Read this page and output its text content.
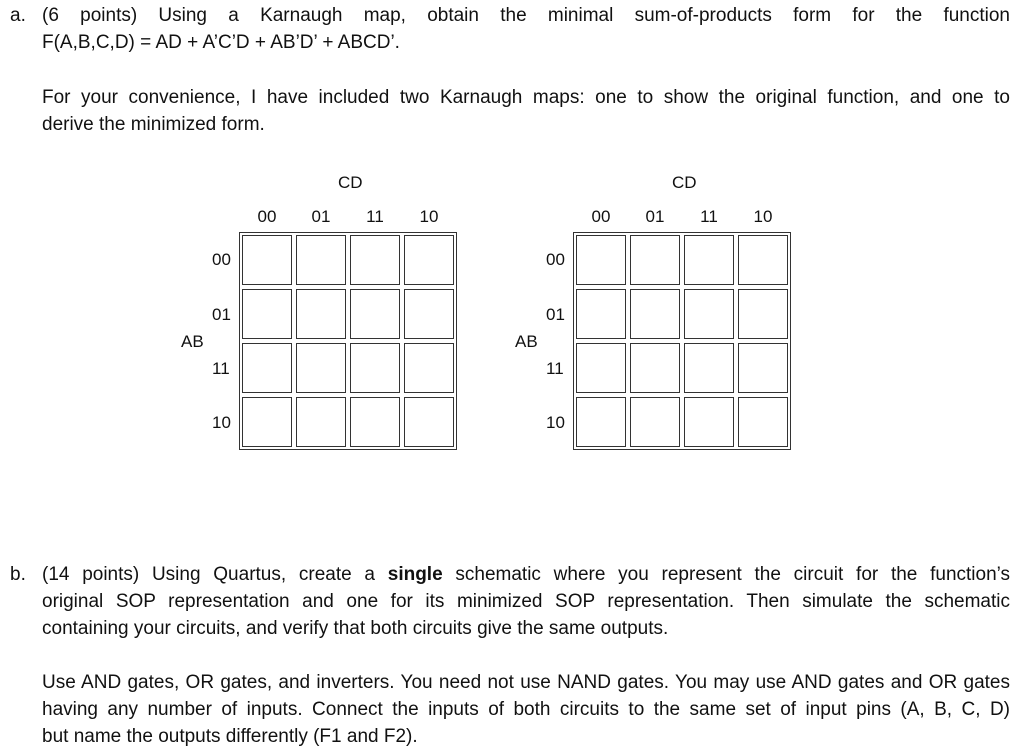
a. (6 points) Using a Karnaugh map, obtain the minimal sum-of-products form for the function

F(A,B,C,D) = AD + A’C’D + AB’D’ + ABCD’.

For your convenience, I have included two Karnaugh maps: one to show the original function, and one to

derive the minimized form.

CD
AB
00	01	11	10
00
01
11
10
CD
AB
00	01	11	10
00
01
11
10
b. (14 points) Using Quartus, create a single schematic where you represent the circuit for the function’s

original SOP representation and one for its minimized SOP representation. Then simulate the schematic

containing your circuits, and verify that both circuits give the same outputs.

Use AND gates, OR gates, and inverters. You need not use NAND gates. You may use AND gates and OR gates

having any number of inputs. Connect the inputs of both circuits to the same set of input pins (A, B, C, D)

but name the outputs differently (F1 and F2).
